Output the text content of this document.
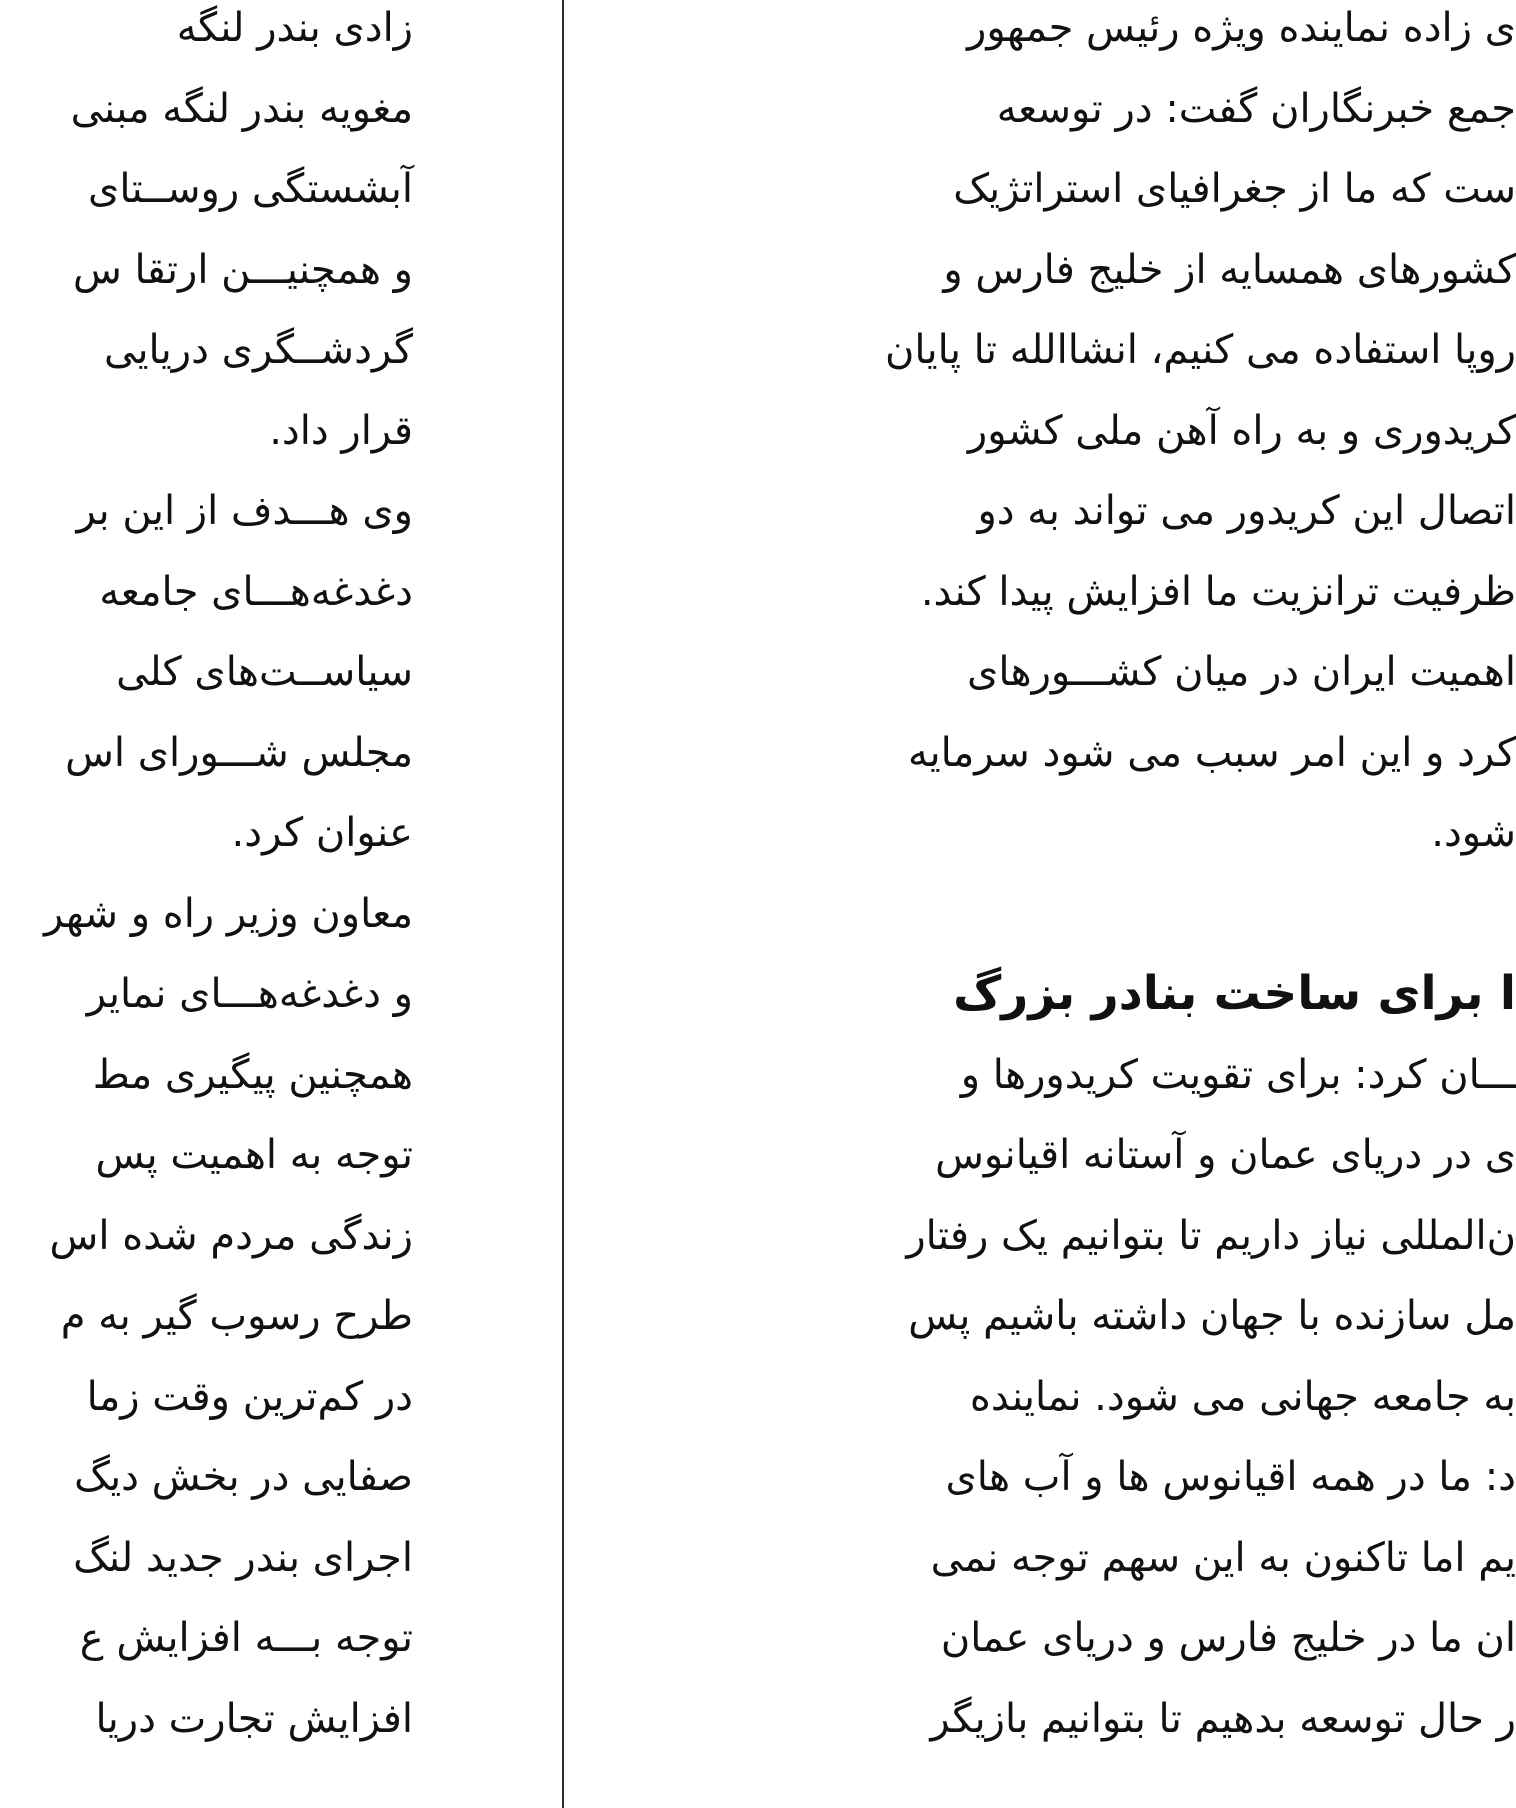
زادی بندر لنگه
مغویه بندر لنگه مبنی
آبشستگی روســتای
و همچنیـــن ارتقا س
گردشــگری دریایی
قرار داد.
وی هـــدف از این بر
دغدغه‌هـــای جامعه
سیاســت‌های کلی
مجلس شـــورای اس
عنوان کرد.
معاون وزیر راه و شهر
و دغدغه‌هـــای نمایر
همچنین پیگیری مط
توجه به اهمیت پس‌
زندگی مردم شده اس
طرح رسوب گیر به م
در کم‌ترین وقت زما
صفایی در بخش دیگ
اجرای بندر جدید لنگ
توجه بـــه افزایش ع
افزایش تجارت دریا
ی زاده نماینده ویژه رئیس جمهور
جمع خبرنگاران گفت: در توسعه
ست که ما از جغرافیای استراتژیک
کشورهای همسایه از خلیج فارس و
روپا استفاده می کنیم، انشاالله تا پایان
کریدوری و به راه آهن ملی کشور
اتصال این کریدور می تواند به دو
ظرفیت ترانزیت ما افزایش پیدا کند.
اهمیت ایران در میان کشـــورهای
کرد و این امر سبب می شود سرمایه
شود.
ا برای ساخت بنادر بزرگ
ـــان کرد: برای تقویت کریدورها و
ی در دریای عمان و آستانه اقیانوس
ن‌المللی نیاز داریم تا بتوانیم یک رفتار
مل سازنده با جهان داشته باشیم پس
به جامعه جهانی می شود. نماینده
د: ما در همه اقیانوس ها و آب های
یم اما تاکنون به این سهم توجه نمی
ان ما در خلیج فارس و دریای عمان
ر حال توسعه بدهیم تا بتوانیم بازیگر
